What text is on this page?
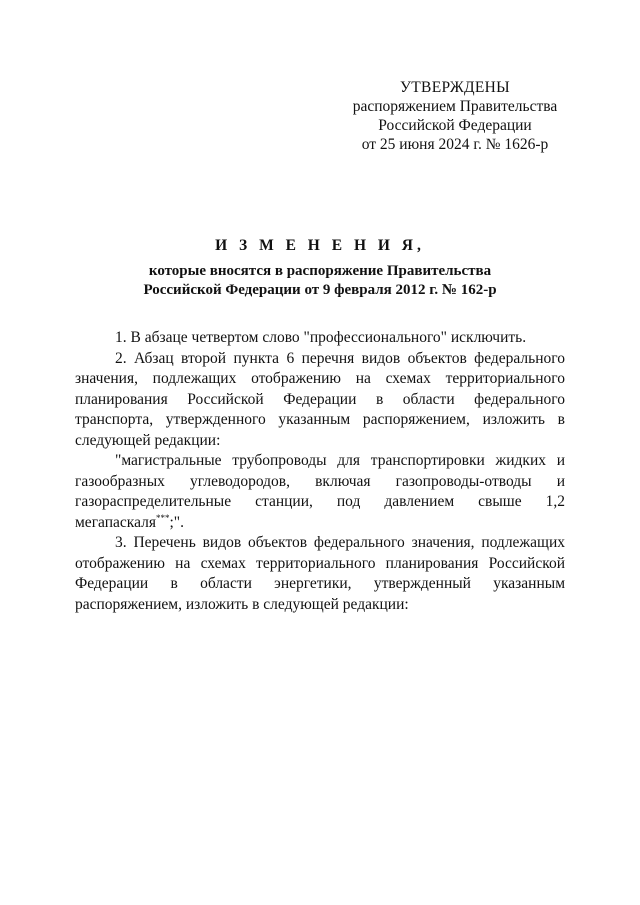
УТВЕРЖДЕНЫ
распоряжением Правительства
Российской Федерации
от 25 июня 2024 г. № 1626-р
И З М Е Н Е Н И Я,
которые вносятся в распоряжение Правительства
Российской Федерации от 9 февраля 2012 г. № 162-р

1. В абзаце четвертом слово "профессионального" исключить.

2. Абзац второй пункта 6 перечня видов объектов федерального значения, подлежащих отображению на схемах территориального планирования Российской Федерации в области федерального транспорта, утвержденного указанным распоряжением, изложить в следующей редакции:

"магистральные трубопроводы для транспортировки жидких и газообразных углеводородов, включая газопроводы-отводы и газораспределительные станции, под давлением свыше 1,2 мегапаскаля***;".

3. Перечень видов объектов федерального значения, подлежащих отображению на схемах территориального планирования Российской Федерации в области энергетики, утвержденный указанным распоряжением, изложить в следующей редакции:
